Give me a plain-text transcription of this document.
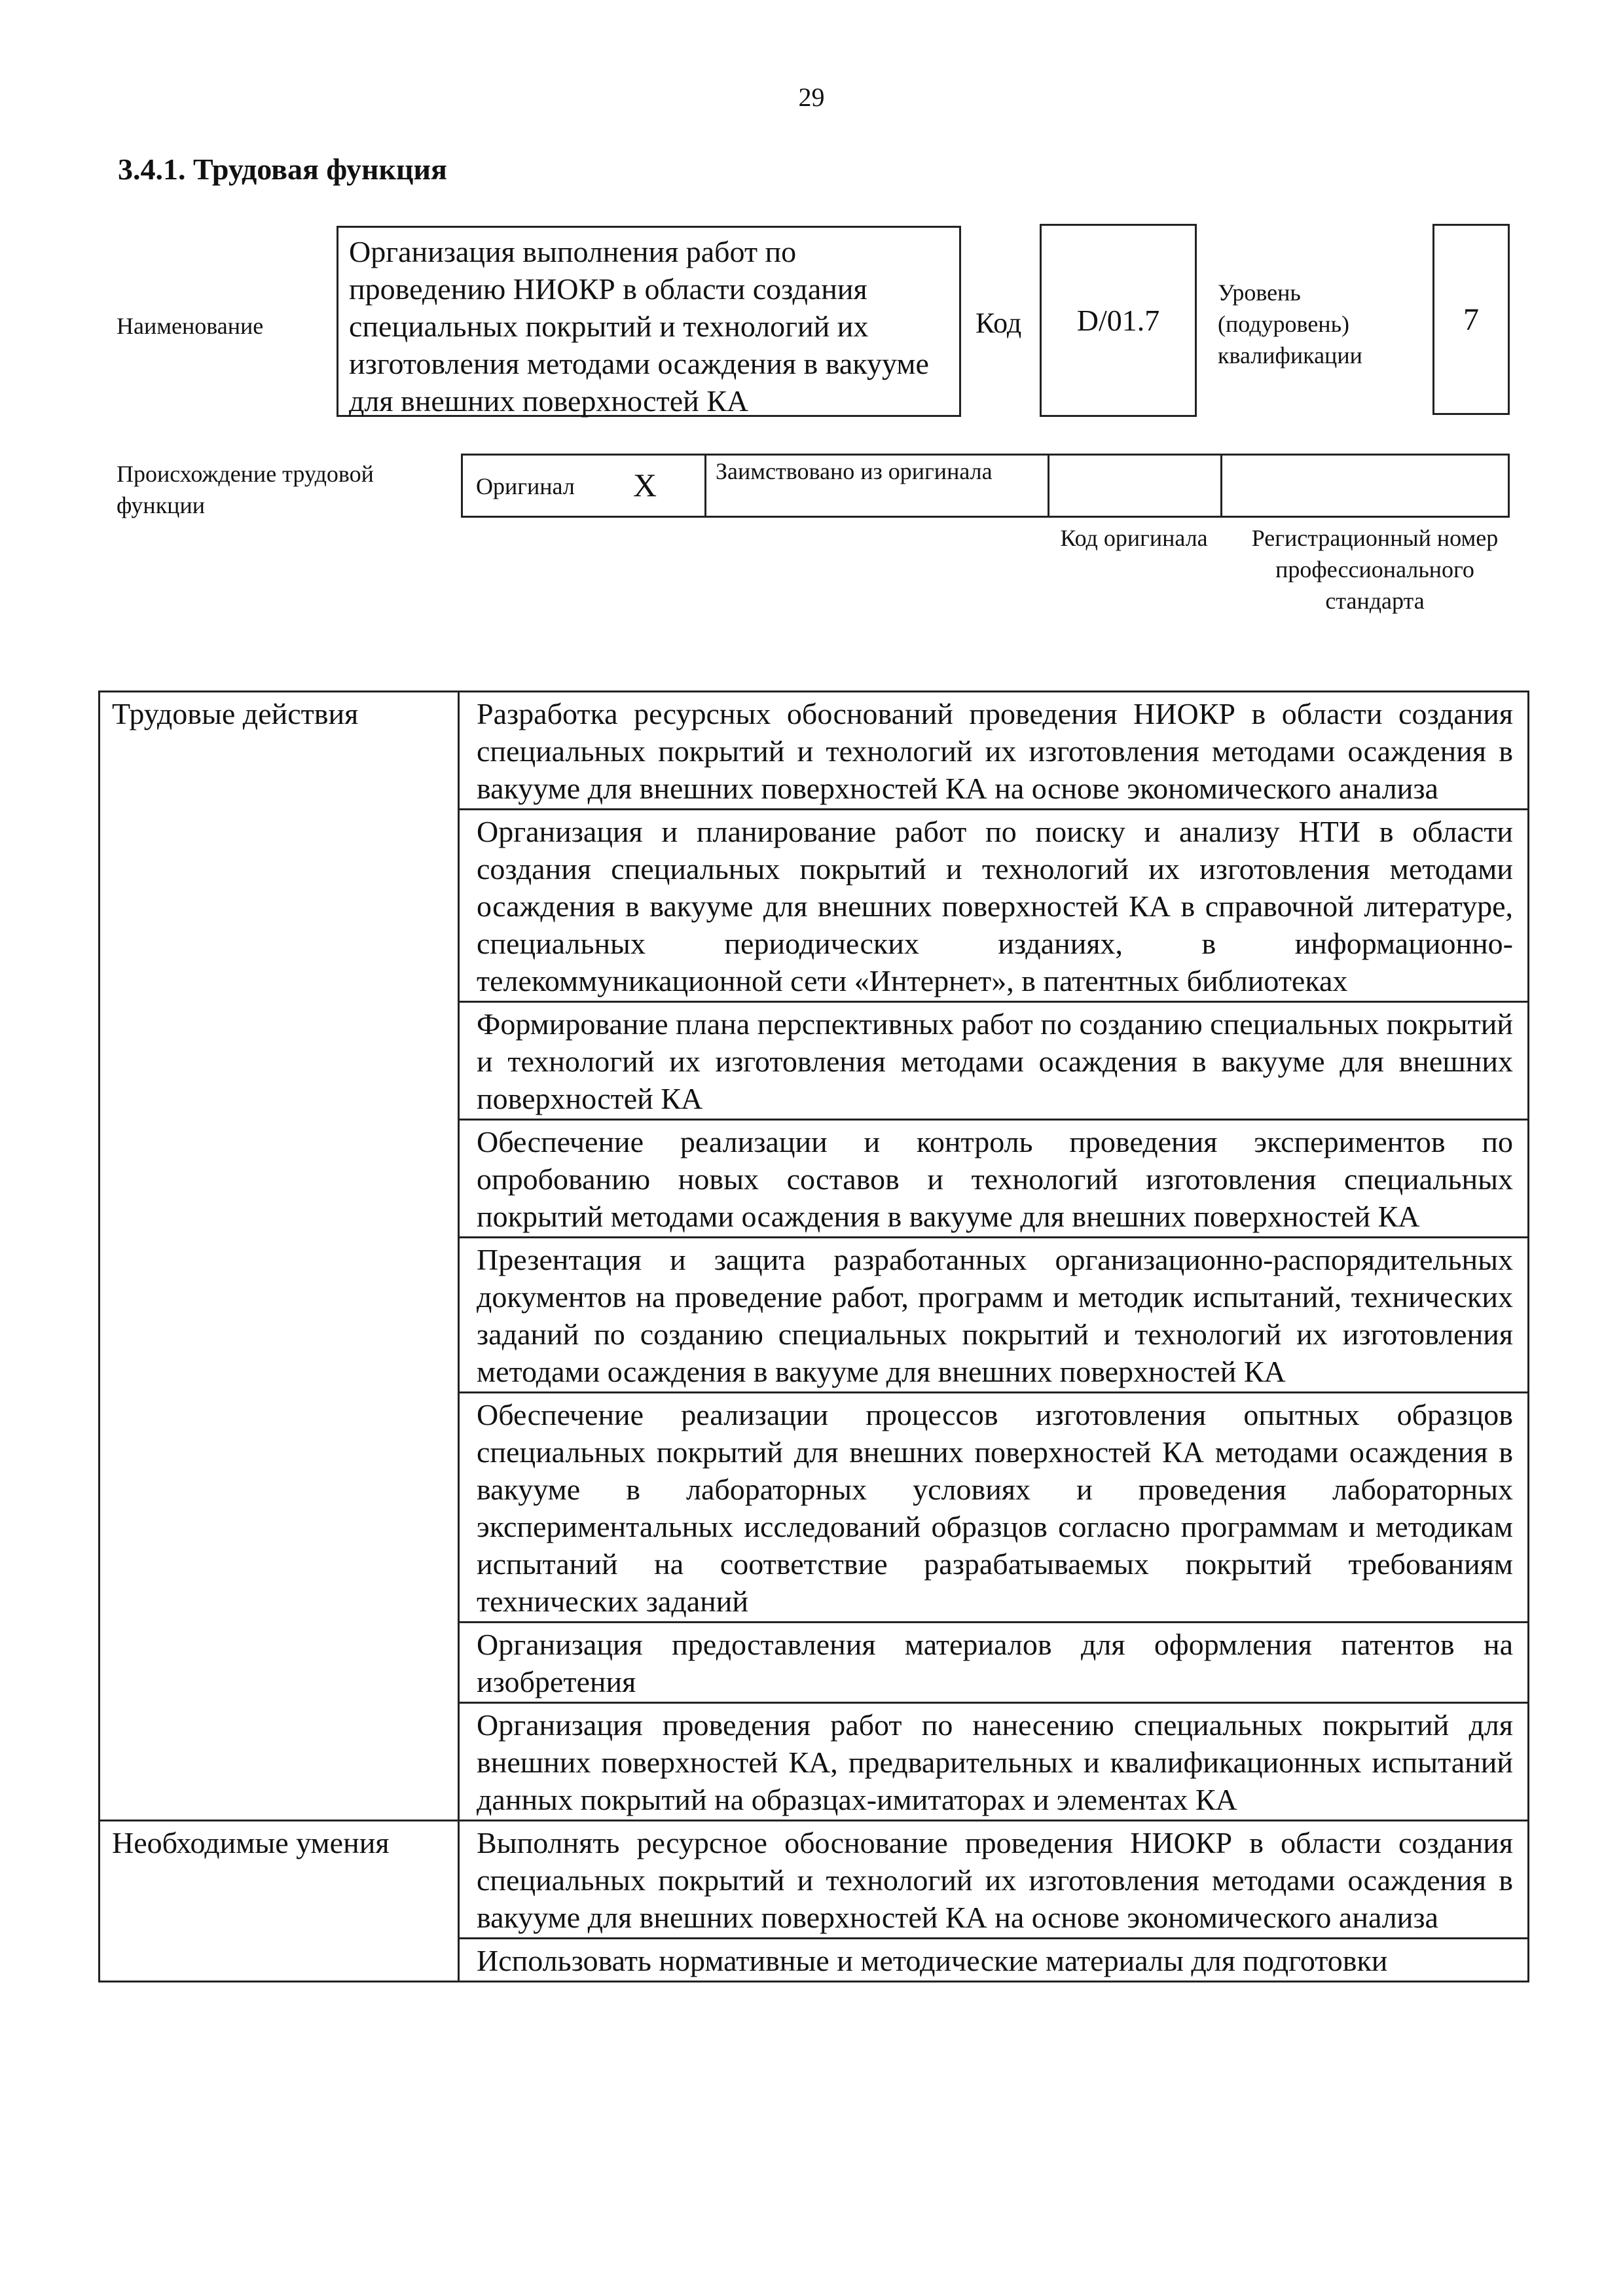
29
3.4.1. Трудовая функция
Наименование
Организация выполнения работ по проведению НИОКР в области создания специальных покрытий и технологий их изготовления методами осаждения в вакууме для внешних поверхностей КА
Код D/01.7
Уровень (подуровень) квалификации
7
Происхождение трудовой функции
Оригинал X	Заимствовано из оригинала
Код оригинала	Регистрационный номер профессионального стандарта
Трудовые действия	Разработка ресурсных обоснований проведения НИОКР в области создания специальных покрытий и технологий их изготовления методами осаждения в вакууме для внешних поверхностей КА на основе экономического анализа
	Организация и планирование работ по поиску и анализу НТИ в области создания специальных покрытий и технологий их изготовления методами осаждения в вакууме для внешних поверхностей КА в справочной литературе, специальных периодических изданиях, в информационно-телекоммуникационной сети «Интернет», в патентных библиотеках
	Формирование плана перспективных работ по созданию специальных покрытий и технологий их изготовления методами осаждения в вакууме для внешних поверхностей КА
	Обеспечение реализации и контроль проведения экспериментов по опробованию новых составов и технологий изготовления специальных покрытий методами осаждения в вакууме для внешних поверхностей КА
	Презентация и защита разработанных организационно-распорядительных документов на проведение работ, программ и методик испытаний, технических заданий по созданию специальных покрытий и технологий их изготовления методами осаждения в вакууме для внешних поверхностей КА
	Обеспечение реализации процессов изготовления опытных образцов специальных покрытий для внешних поверхностей КА методами осаждения в вакууме в лабораторных условиях и проведения лабораторных экспериментальных исследований образцов согласно программам и методикам испытаний на соответствие разрабатываемых покрытий требованиям технических заданий
	Организация предоставления материалов для оформления патентов на изобретения
	Организация проведения работ по нанесению специальных покрытий для внешних поверхностей КА, предварительных и квалификационных испытаний данных покрытий на образцах-имитаторах и элементах КА
Необходимые умения	Выполнять ресурсное обоснование проведения НИОКР в области создания специальных покрытий и технологий их изготовления методами осаждения в вакууме для внешних поверхностей КА на основе экономического анализа
	Использовать нормативные и методические материалы для подготовки
